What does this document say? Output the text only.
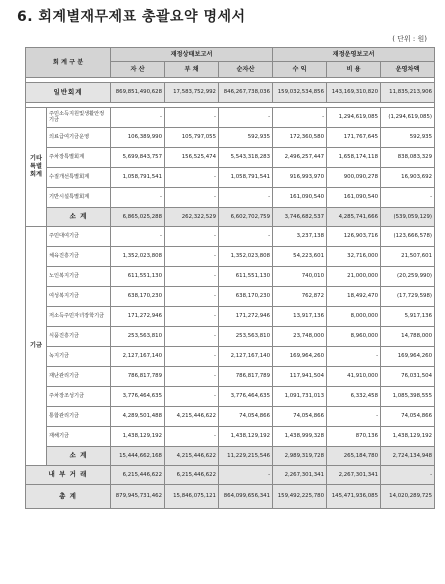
6. 회계별재무제표 총괄요약 명세서
( 단위 : 원)
회 계 구 분		재정상태보고서			재정운영보고서		
		자 산	부 채	순자산	수 익	비 용	운영차액

일반회계		869,851,490,628	17,583,752,992	846,267,738,036	159,032,534,856	143,169,310,820	11,835,213,906

기타
특별
회계	주민소득지원및생활안정기금	-	-	-	-	1,294,619,085	(1,294,619,085)
	의료급여기금운영	106,389,990	105,797,055	592,935	172,360,580	171,767,645	592,935
	주차장특별회계	5,699,843,757	156,525,474	5,543,318,283	2,496,257,447	1,658,174,118	838,083,329
	수질개선특별회계	1,058,791,541	-	1,058,791,541	916,993,970	900,090,278	16,903,692
	기반시설특별회계	-	-	-	161,090,540	161,090,540	-
	소 계	6,865,025,288	262,322,529	6,602,702,759	3,746,682,537	4,285,741,666	(539,059,129)
기금	주민대여기금	-	-	-	3,237,138	126,903,716	(123,666,578)
	체육진흥기금	1,352,023,808	-	1,352,023,808	54,223,601	32,716,000	21,507,601
	노인복지기금	611,551,130	-	611,551,130	740,010	21,000,000	(20,259,990)
	여성복지기금	638,170,230	-	638,170,230	762,872	18,492,470	(17,729,598)
	저소득주민자녀장학기금	171,272,946	-	171,272,946	13,917,136	8,000,000	5,917,136
	식품진흥기금	253,563,810	-	253,563,810	23,748,000	8,960,000	14,788,000
	녹지기금	2,127,167,140	-	2,127,167,140	169,964,260	-	169,964,260
	재난관리기금	786,817,789	-	786,817,789	117,941,504	41,910,000	76,031,504
	주차장조성기금	3,776,464,635	-	3,776,464,635	1,091,731,013	6,332,458	1,085,398,555
	통합관리기금	4,289,501,488	4,215,446,622	74,054,866	74,054,866	-	74,054,866
	재해기금	1,438,129,192	-	1,438,129,192	1,438,999,328	870,136	1,438,129,192
	소 계	15,444,662,168	4,215,446,622	11,229,215,546	2,989,319,728	265,184,780	2,724,134,948
내 부 거 래		6,215,446,622	6,215,446,622	-	2,267,301,341	2,267,301,341	-
총 계		879,945,731,462	15,846,075,121	864,099,656,341	159,492,225,780	145,471,936,085	14,020,289,725
